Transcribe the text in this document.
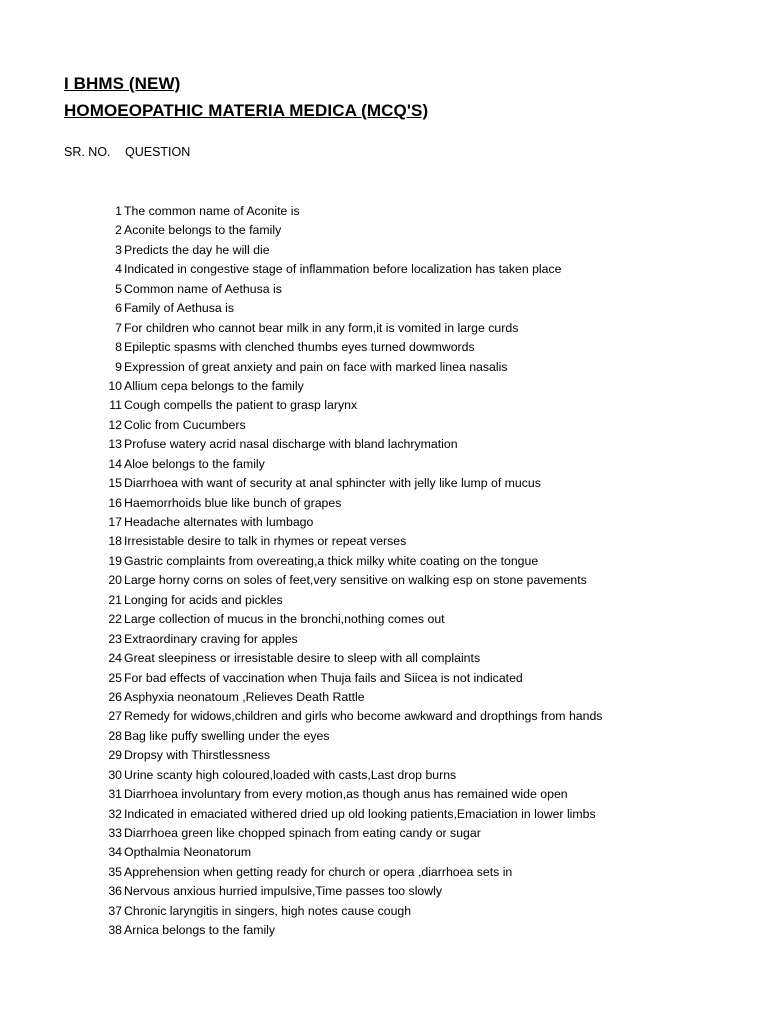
I BHMS (NEW)
HOMOEOPATHIC MATERIA MEDICA (MCQ'S)
SR. NO. QUESTION
1 The common name of Aconite is
2 Aconite belongs to the family
3 Predicts the day he will die
4 Indicated in congestive stage of inflammation before localization has taken place
5 Common name of Aethusa is
6 Family of Aethusa is
7 For children who cannot bear milk in any form,it is vomited in large curds
8 Epileptic spasms with clenched thumbs eyes turned dowmwords
9 Expression of great anxiety and pain on face with marked linea nasalis
10 Allium cepa belongs to the family
11 Cough compells the patient to grasp larynx
12 Colic from Cucumbers
13 Profuse watery acrid nasal discharge with bland lachrymation
14 Aloe belongs to the family
15 Diarrhoea with want of security at anal sphincter with jelly like lump of mucus
16 Haemorrhoids blue like bunch of grapes
17 Headache alternates with lumbago
18 Irresistable desire to talk in rhymes or repeat verses
19 Gastric complaints from overeating,a thick milky white coating on the tongue
20 Large horny corns on soles of feet,very sensitive on walking esp on stone pavements
21 Longing for acids and pickles
22 Large collection of mucus in the bronchi,nothing comes out
23 Extraordinary craving for apples
24 Great sleepiness or irresistable desire to sleep with all complaints
25 For bad effects of vaccination when Thuja fails and Siicea is not indicated
26 Asphyxia neonatoum ,Relieves Death Rattle
27 Remedy for widows,children and girls who become awkward and dropthings from hands
28 Bag like puffy swelling under the eyes
29 Dropsy with Thirstlessness
30 Urine scanty high coloured,loaded with casts,Last drop burns
31 Diarrhoea involuntary from every motion,as though anus has remained wide open
32 Indicated in emaciated withered dried up old looking patients,Emaciation in lower limbs
33 Diarrhoea green like chopped spinach from eating candy or sugar
34 Opthalmia Neonatorum
35 Apprehension when getting ready for church or opera ,diarrhoea sets in
36 Nervous anxious hurried impulsive,Time passes too slowly
37 Chronic laryngitis in singers, high notes cause cough
38 Arnica belongs to the family
